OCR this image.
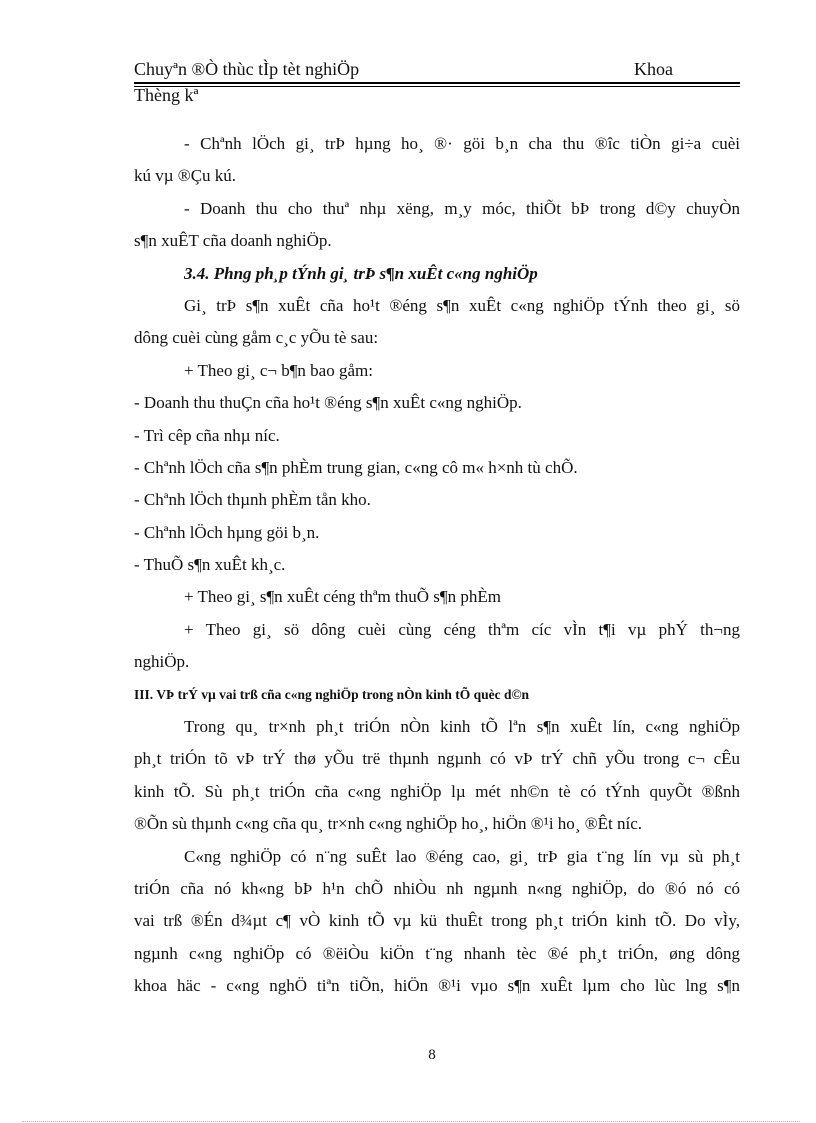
Chuyªn ®Ò thùc tÌp tèt nghiÖp	Khoa
Thèng kª
- Chªnh lÖch gi¸ trÞ hµng ho¸ ®· göi b¸n cha thu ®îc tiÒn gi÷a cuèi
kú vµ ®Çu kú.
- Doanh thu cho thuª nhµ xëng, m¸y móc, thiÕt bÞ trong d©y chuyÒn
s¶n xuÊT cña doanh nghiÖp.
3.4. Phng ph¸p tÝnh gi¸ trÞ s¶n xuÊt c«ng nghiÖp
Gi¸ trÞ s¶n xuÊt cña ho¹t ®éng s¶n xuÊt c«ng nghiÖp tÝnh theo gi¸ sö
dông cuèi cùng gåm c¸c yÕu tè sau:
+ Theo gi¸ c¬ b¶n bao gåm:
- Doanh thu thuÇn cña ho¹t ®éng s¶n xuÊt c«ng nghiÖp.
- Trì cêp cña nhµ níc.
- Chªnh lÖch cña s¶n phÈm trung gian, c«ng cô m« h×nh tù chÕ.
- Chªnh lÖch thµnh phÈm tån kho.
- Chªnh lÖch hµng göi b¸n.
- ThuÕ s¶n xuÊt kh¸c.
+ Theo gi¸ s¶n xuÊt céng thªm thuÕ s¶n phÈm
+ Theo gi¸ sö dông cuèi cùng céng thªm cíc vÌn t¶i vµ phÝ th¬ng
nghiÖp.
III. VÞ trÝ vµ vai trß cña c«ng nghiÖp trong nÒn kinh tÕ quèc d©n
Trong qu¸ tr×nh ph¸t triÓn nÒn kinh tÕ lªn s¶n xuÊt lín, c«ng nghiÖp
ph¸t triÓn tõ vÞ trÝ thø yÕu trë thµnh ngµnh có vÞ trÝ chñ yÕu trong c¬ cÊu
kinh tÕ. Sù ph¸t triÓn cña c«ng nghiÖp lµ mét nh©n tè có tÝnh quyÕt ®ßnh
®Õn sù thµnh c«ng cña qu¸ tr×nh c«ng nghiÖp ho¸, hiÖn ®¹i ho¸ ®Êt níc.
C«ng nghiÖp có n¨ng suÊt lao ®éng cao, gi¸ trÞ gia t¨ng lín vµ sù ph¸t
triÓn cña nó kh«ng bÞ h¹n chÕ nhiÒu nh ngµnh n«ng nghiÖp, do ®ó nó có
vai trß ®Én d¾µt c¶ vÒ kinh tÕ vµ kü thuÊt trong ph¸t triÓn kinh tÕ. Do vÌy,
ngµnh c«ng nghiÖp có ®ëiÒu kiÖn t¨ng nhanh tèc ®é ph¸t triÓn, øng dông
khoa häc - c«ng nghÖ tiªn tiÕn, hiÖn ®¹i vµo s¶n xuÊt lµm cho lùc lng s¶n
8
